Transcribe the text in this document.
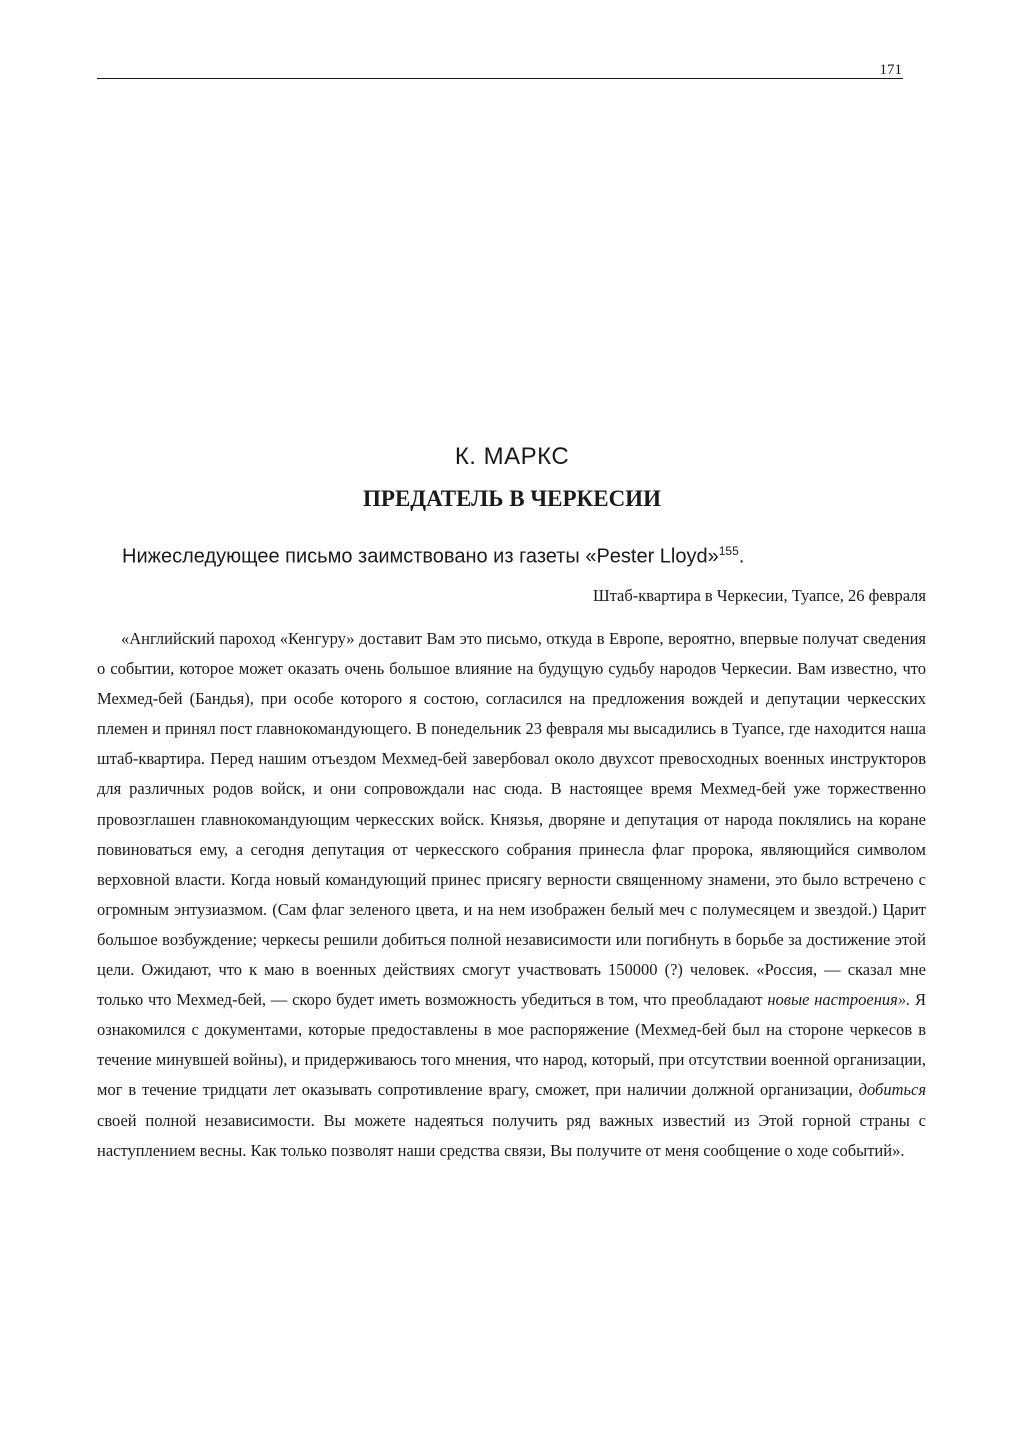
171
К. МАРКС
ПРЕДАТЕЛЬ В ЧЕРКЕСИИ
Нижеследующее письмо заимствовано из газеты «Pester Lloyd»$^{155}$.
Штаб-квартира в Черкесии, Туапсе, 26 февраля

«Английский пароход «Кенгуру» доставит Вам это письмо, откуда в Европе, вероятно, впервые получат сведения о событии, которое может оказать очень большое влияние на будущую судьбу народов Черкесии. Вам известно, что Мехмед-бей (Бандья), при особе которого я состою, согласился на предложения вождей и депутации черкесских племен и принял пост главнокомандующего. В понедельник 23 февраля мы высадились в Туапсе, где находится наша штаб-квартира. Перед нашим отъездом Мехмед-бей завербовал около двухсот превосходных военных инструкторов для различных родов войск, и они сопровождали нас сюда. В настоящее время Мехмед-бей уже торжественно провозглашен главнокомандующим черкесских войск. Князья, дворяне и депутация от народа поклялись на коране повиноваться ему, а сегодня депутация от черкесского собрания принесла флаг пророка, являющийся символом верховной власти. Когда новый командующий принес присягу верности священному знамени, это было встречено с огромным энтузиазмом. (Сам флаг зеленого цвета, и на нем изображен белый меч с полумесяцем и звездой.) Царит большое возбуждение; черкесы решили добиться полной независимости или погибнуть в борьбе за достижение этой цели. Ожидают, что к маю в военных действиях смогут участвовать 150000 (?) человек. «Россия, — сказал мне только что Мехмед-бей, — скоро будет иметь возможность убедиться в том, что преобладают новые настроения». Я ознакомился с документами, которые предоставлены в мое распоряжение (Мехмед-бей был на стороне черкесов в течение минувшей войны), и придерживаюсь того мнения, что народ, который, при отсутствии военной организации, мог в течение тридцати лет оказывать сопротивление врагу, сможет, при наличии должной организации, добиться своей полной независимости. Вы можете надеяться получить ряд важных известий из Этой горной страны с наступлением весны. Как только позволят наши средства связи, Вы получите от меня сообщение о ходе событий».
